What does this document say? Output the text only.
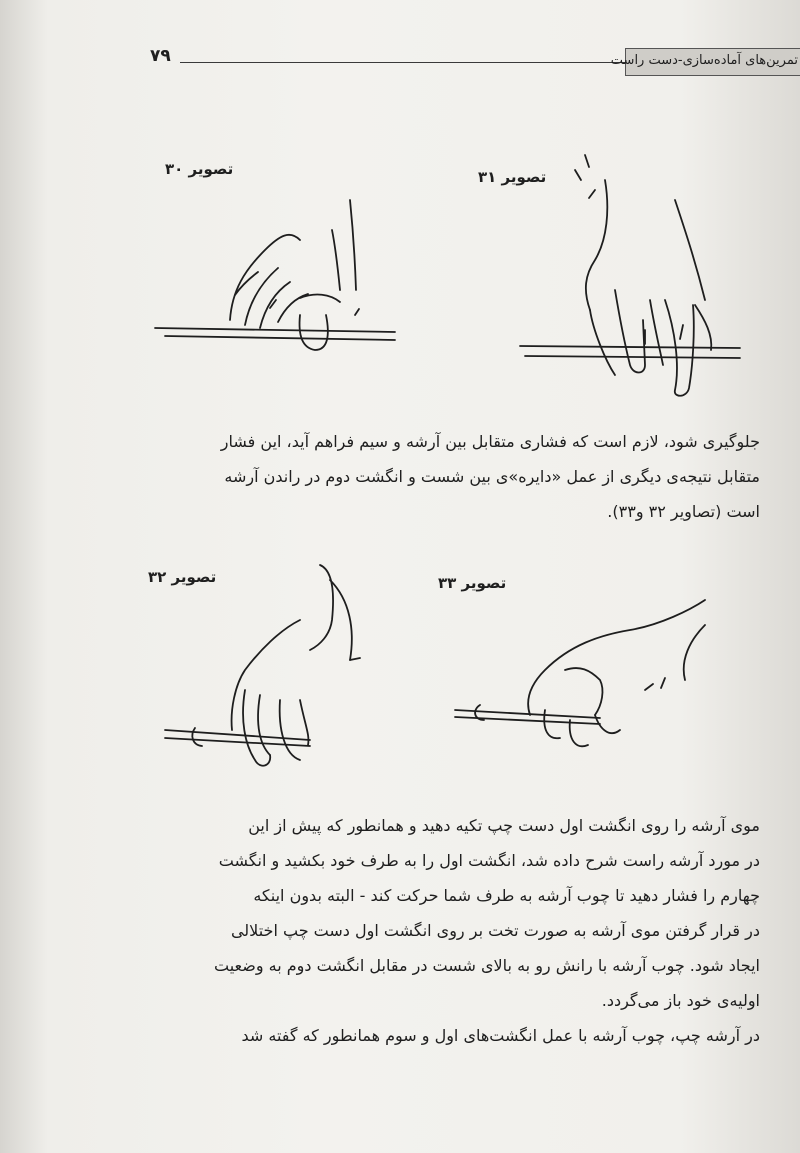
۷۹	تمرین‌های آماده‌سازی-دست راست
تصویر ۳۰	تصویر ۳۱
جلوگیری شود، لازم است که فشاری متقابل بین آرشه و سیم فراهم آید، این فشار
متقابل نتیجه‌ی دیگری از عمل «دایره»ی بین شست و انگشت دوم در راندن آرشه
است (تصاویر ۳۲ و۳۳).
تصویر ۳۲	تصویر ۳۳
موی آرشه را روی انگشت اول دست چپ تکیه دهید و همانطور که پیش از این
در مورد آرشه راست شرح داده شد، انگشت اول را به طرف خود بکشید و انگشت
چهارم را فشار دهید تا چوب آرشه به طرف شما حرکت کند - البته بدون اینکه
در قرار گرفتن موی آرشه به صورت تخت بر روی انگشت اول دست چپ اختلالی
ایجاد شود. چوب آرشه با رانش رو به بالای شست در مقابل انگشت دوم به وضعیت
اولیه‌ی خود باز می‌گردد.
در آرشه چپ، چوب آرشه با عمل انگشت‌های اول و سوم همانطور که گفته شد
